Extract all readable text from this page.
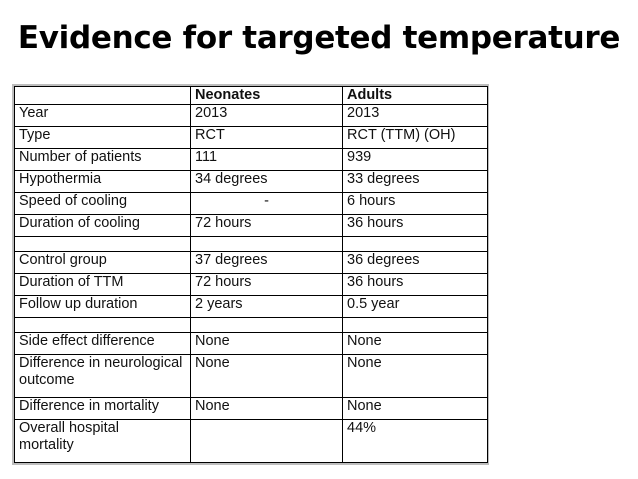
Evidence for targeted temperature
	Neonates	Adults
Year	2013	2013
Type	RCT	RCT (TTM) (OH)
Number of patients	111	939
Hypothermia	34 degrees	33 degrees
Speed of cooling	-	6 hours
Duration of cooling	72 hours	36 hours

Control group	37 degrees	36 degrees
Duration of TTM	72 hours	36 hours
Follow up duration	2 years	0.5 year

Side effect difference	None	None
Difference in neurological outcome	None	None
Difference in mortality	None	None
Overall hospital mortality		44%
